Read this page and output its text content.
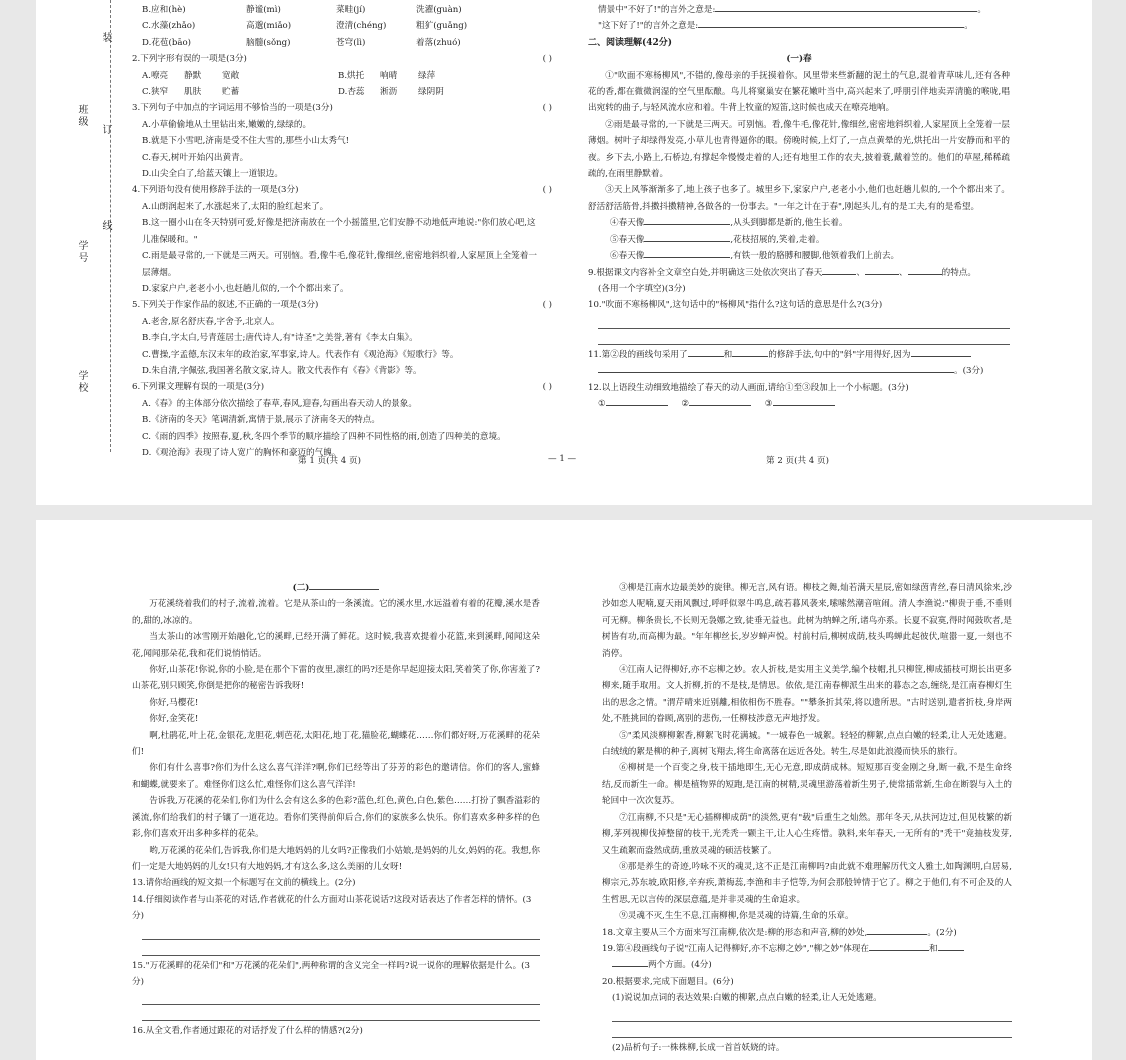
装
订
线
班级
学号
学校

B.应和(hè)	静谧(mì)	菜畦(jí)	洗濯(guàn)

C.水藻(zhǎo)	高邈(miǎo)	澄清(chéng)	粗犷(guǎng)

D.花苞(bāo)	脑髓(sǒng)	苍穹(lì)	着落(zhuó)

2.下列字形有误的一项是(3分)	( )

A.嘹亮	静默	宽敞	B.烘托	响晴	绿萍

C.狭窄	肌肤	贮蓄	D.杏蕊	淅沥	绿阴阴

3.下列句子中加点的字词运用不够恰当的一项是(3分)	( )

A.小草偷偷地从土里钻出来,嫩嫩的,绿绿的。

B.就是下小雪吧,济南是受不住大雪的,那些小山太秀气!

C.春天,树叶开始闪出黄青。

D.山尖全白了,给蓝天镶上一道银边。

4.下列语句没有使用修辞手法的一项是(3分)	( )

A.山朗润起来了,水涨起来了,太阳的脸红起来了。

B.这一圈小山在冬天特别可爱,好像是把济南放在一个小摇篮里,它们安静不动地低声地说:"你们放心吧,这儿准保暖和。"

C.雨是最寻常的,一下就是三两天。可别恼。看,像牛毛,像花针,像细丝,密密地斜织着,人家屋顶上全笼着一层薄烟。

D.家家户户,老老小小,也赶趟儿似的,一个个都出来了。

5.下列关于作家作品的叙述,不正确的一项是(3分)	( )

A.老舍,原名舒庆春,字舍予,北京人。

B.李白,字太白,号青莲居士;唐代诗人,有"诗圣"之美誉,著有《李太白集》。

C.曹操,字孟德,东汉末年的政治家,军事家,诗人。代表作有《观沧海》《短歌行》等。

D.朱自清,字佩弦,我国著名散文家,诗人。散文代表作有《春》《背影》等。

6.下列课文理解有误的一项是(3分)	( )

A.《春》的主体部分依次描绘了春草,春风,迎春,勾画出春天动人的景象。

B.《济南的冬天》笔调清新,寓情于景,展示了济南冬天的特点。

C.《雨的四季》按照春,夏,秋,冬四个季节的顺序描绘了四种不同性格的雨,创造了四种美的意境。

D.《观沧海》表现了诗人宽广的胸怀和豪迈的气魄。

第 1 页(共 4 页)	— 1 —

情景中"不好了!"的言外之意是:	。

"这下好了!"的言外之意是:	。

二、阅读理解(42分)

(一)春

①"吹面不寒杨柳风",不错的,像母亲的手抚摸着你。风里带来些新翻的泥土的气息,混着青草味儿,还有各种花的香,都在微微润湿的空气里酝酿。鸟儿将窠巢安在繁花嫩叶当中,高兴起来了,呼朋引伴地卖弄清脆的喉咙,唱出宛转的曲子,与轻风流水应和着。牛背上牧童的短笛,这时候也成天在嘹亮地响。

②雨是最寻常的,一下就是三两天。可别恼。看,像牛毛,像花针,像细丝,密密地斜织着,人家屋顶上全笼着一层薄烟。树叶子却绿得发亮,小草儿也青得逼你的眼。傍晚时候,上灯了,一点点黄晕的光,烘托出一片安静而和平的夜。乡下去,小路上,石桥边,有撑起伞慢慢走着的人;还有地里工作的农夫,披着蓑,戴着笠的。他们的草屋,稀稀疏疏的,在雨里静默着。

③天上风筝渐渐多了,地上孩子也多了。城里乡下,家家户户,老老小小,他们也赶趟儿似的,一个个都出来了。舒活舒活筋骨,抖擞抖擞精神,各做各的一份事去。"一年之计在于春",刚起头儿,有的是工夫,有的是希望。

④春天像	,从头到脚都是新的,他生长着。

⑤春天像	,花枝招展的,笑着,走着。

⑥春天像	,有铁一般的胳膊和腰脚,他领着我们上前去。

9.根据课文内容补全文章空白处,并明确这三处依次突出了春天	、	、	的特点。

(各用一个字填空)(3分)

10."吹面不寒杨柳风",这句话中的"杨柳风"指什么?这句话的意思是什么?(3分)

11.第②段的画线句采用了	和	的修辞手法,句中的"斜"字用得好,因为

。(3分)

12.以上语段生动细致地描绘了春天的动人画面,请给①至③段加上一个小标题。(3分)

①	②	③

第 2 页(共 4 页)

(二)

万花溪绕着我们的村子,流着,流着。它是从茶山的一条溪流。它的溪水里,水远溢着有着的花瓣,溪水是香的,甜的,冰凉的。

当太茶山的冰雪刚开始融化,它的溪畔,已经开满了鲜花。这时候,我喜欢提着小花篮,来到溪畔,闻闻这朵花,闻闻那朵花,我和花们说悄悄话。

你好,山茶花!你说,你的小脸,是在那个下雷的夜里,凛红的吗?还是你早起迎接太阳,笑着笑了你,你害羞了?山茶花,别只顾笑,你倒是把你的秘密告诉我呀!

你好,马樱花!

你好,金笑花!

啊,杜鹃花,叶上花,金银花,龙胆花,刺芭花,太阳花,地丁花,猫脸花,蝴蝶花……你们都好呀,万花溪畔的花朵们!

你们有什么喜事?你们为什么这么喜气洋洋?啊,你们已经等出了芬芳的彩色的邀请信。你们的客人,蜜蜂和蝴蝶,就要来了。难怪你们这么忙,难怪你们这么喜气洋洋!

告诉我,万花溪的花朵们,你们为什么会有这么多的色彩?蓝色,红色,黄色,白色,紫色……打扮了飘香溢彩的溪流,你们给我们的村子镶了一道花边。看你们笑得前仰后合,你们的家族多么快乐。你们喜欢多种多样的色彩,你们喜欢开出多种多样的花朵。

哟,万花溪的花朵们,告诉我,你们是大地妈妈的儿女吗?正像我们小姑娘,是妈妈的儿女,妈妈的花。我想,你们一定是大地妈妈的儿女!只有大地妈妈,才有这么多,这么美丽的儿女呀!

13.请你给画线的短文拟一个标题写在文前的横线上。(2分)

14.仔细阅读作者与山茶花的对话,作者就花的什么方面对山茶花说话?这段对话表达了作者怎样的情怀。(3分)

15."万花溪畔的花朵们"和"万花溪的花朵们",两种称谓的含义完全一样吗?说一说你的理解依据是什么。(3分)

16.从全文看,作者通过跟花的对话抒发了什么样的情感?(2分)

③柳是江南水边最美妙的旋律。柳无言,风有语。柳枝之舞,灿若满天星辰,密如绿茵青丝,春日清风徐来,沙沙如恋人呢喃,夏天雨风飘过,呼呼似翠牛鸣息,疏若暮风袭来,嗦嗦然潮音喧闹。清人李渔说:"柳贵于垂,不垂则可无柳。柳条贵长,不长则无袅娜之致,徒垂无益也。此树为纳蝉之所,诸鸟亦系。长夏不寂寞,得时闻鼓吹者,是树皆有功,而高柳为最。"年年柳丝长,岁岁蝉声悦。村前村后,柳树成荫,枝头鸣蝉此起彼伏,喧嚣一夏,一刻也不消停。

④江南人记得柳好,亦不忘柳之妙。农人折枝,是实用主义美学,编个枝帽,扎只柳筐,柳成插枝可期长出更多柳来,随手取用。文人折柳,折的不是枝,是情思。依依,是江南春柳派生出来的暮态之态,缠绕,是江南春柳灯生出的思念之情。"渭芹晴来近别離,相依相伤不胜春。""攀条折其荣,将以遗所思。"古时送别,遣者折枝,身岸两处,不胜挑回的眷顾,离别的悲伤,一任柳枝涉意无声地抒发。

⑤"柔风淡柳柳絮香,柳絮飞时花满城。"一城春色一城絮。轻轻的柳絮,点点白嫩的轻柔,让人无处逃避。白绒绒的絮是柳的种子,离树飞翔去,将生命离落在远近各处。转生,尽是如此浪漫而快乐的旅行。

⑥柳树是一个百变之身,枝干插地即生,无心无意,即成荫成林。短短那百变金刚之身,断一截,不是生命终结,反而新生一命。柳是植物界的短跑,是江南的树精,灵魂里游荡着新生男子,使常插常新,生命在断裂与入土的轮回中一次次复苏。

⑦江南柳,不只是"无心插柳柳成荫"的淡然,更有"载"后重生之灿然。那年冬天,从扶河边过,但见枝繁的新柳,茅列视柳伐掉整留的枝干,光秃秃一颗主干,让人心生疼惜。孰料,来年春天,一无所有的"秃干"竟抽枝发芽,又生疏絮而盎然成荫,重放灵魂的硕活枝繁了。

⑧那是养生的奇迹,吟咏不灭的魂灵,这不正是江南柳吗?由此就不难理解历代文人雅士,如陶渊明,白居易,柳宗元,苏东坡,欧阳修,辛弃疾,萧梅蕊,李渔和丰子恺等,为何会那般钟情于它了。柳之于他们,有不可企及的人生哲思,无以言传的深层意蕴,是并非灵魂的生命追求。

⑨灵魂不灭,生生不息,江南柳柳,你是灵魂的诗篇,生命的乐章。

18.文章主要从三个方面来写江南柳,依次是:柳的形态和声音,柳的妙处,	。(2分)

19.第④段画线句子说"江南人记得柳好,亦不忘柳之妙","柳之妙"体现在	和

两个方面。(4分)

20.根据要求,完成下面题目。(6分)

(1)说说加点词的表达效果:白嫩的柳絮,点点白嫩的轻柔,让人无处逃避。

(2)品析句子:一株株柳,长成一首首妖娆的诗。
